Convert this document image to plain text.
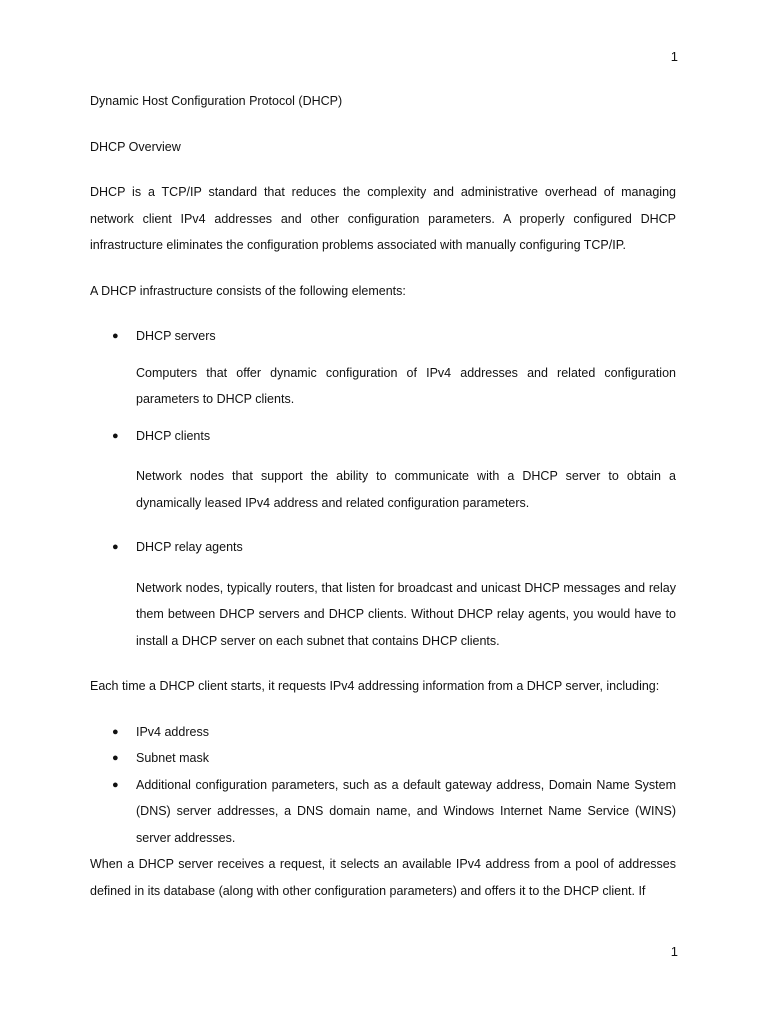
1

Dynamic Host Configuration Protocol (DHCP)

DHCP Overview

DHCP is a TCP/IP standard that reduces the complexity and administrative overhead of managing network client IPv4 addresses and other configuration parameters. A properly configured DHCP infrastructure eliminates the configuration problems associated with manually configuring TCP/IP.

A DHCP infrastructure consists of the following elements:

● DHCP servers

Computers that offer dynamic configuration of IPv4 addresses and related configuration parameters to DHCP clients.

● DHCP clients

Network nodes that support the ability to communicate with a DHCP server to obtain a dynamically leased IPv4 address and related configuration parameters.

● DHCP relay agents

Network nodes, typically routers, that listen for broadcast and unicast DHCP messages and relay them between DHCP servers and DHCP clients. Without DHCP relay agents, you would have to install a DHCP server on each subnet that contains DHCP clients.

Each time a DHCP client starts, it requests IPv4 addressing information from a DHCP server, including:

● IPv4 address
● Subnet mask
● Additional configuration parameters, such as a default gateway address, Domain Name System (DNS) server addresses, a DNS domain name, and Windows Internet Name Service (WINS) server addresses.

When a DHCP server receives a request, it selects an available IPv4 address from a pool of addresses defined in its database (along with other configuration parameters) and offers it to the DHCP client. If

1
